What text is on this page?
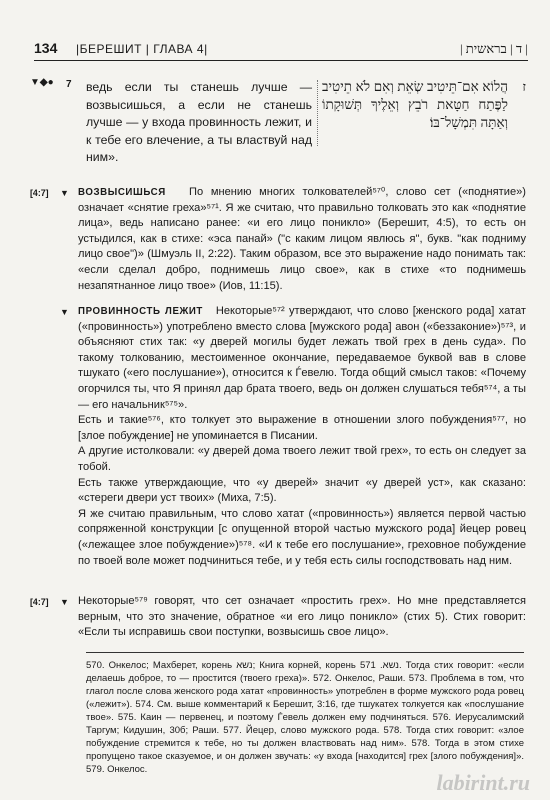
134 |БЕРЕШИТ | ГЛАВА 4|	| ד | בראשית |
▼◆● 7 ведь если ты станешь лучше — возвысишься, а если не станешь лучше — у входа провинность лежит, и к тебе его влечение, а ты властвуй над ним».
הֲלוֹא אִם־תֵּיטִיב שְׂאֵת וְאִם לֹא תֵיטִיב לַפֶּתַח חַטָּאת רֹבֵץ וְאֵלֶיךָ תְּשׁוּקָתוֹ וְאַתָּה תִּמְשָׁל־בּוֹ׃
ז
[4:7] ▼ ВОЗВЫСИШЬСЯ По мнению многих толкователей⁵⁷⁰, слово сет («поднятие») означает «снятие греха»⁵⁷¹. Я же считаю, что правильно толковать это как «поднятие лица», ведь написано ранее: «и его лицо поникло» (Берешит, 4:5), то есть он устыдился, как в стихе: «эса панай» ("с каким лицом явлюсь я", букв. "как подниму лицо свое")» (Шмуэль II, 2:22). Таким образом, все это выражение надо понимать так: «если сделал добро, поднимешь лицо свое», как в стихе «то поднимешь незапятнанное лицо твое» (Иов, 11:15).
▼ ПРОВИННОСТЬ ЛЕЖИТ Некоторые⁵⁷² утверждают, что слово [женского рода] хатат («провинность») употреблено вместо слова [мужского рода] авон («беззаконие»)⁵⁷³, и объясняют стих так: «у дверей могилы будет лежать твой грех в день суда». По такому толкованию, местоименное окончание, передаваемое буквой вав в слове тшукато («его послушание»), относится к Ѓевелю. Тогда общий смысл таков: «Почему огорчился ты, что Я принял дар брата твоего, ведь он должен слушаться тебя⁵⁷⁴, а ты — его начальник⁵⁷⁵».
Есть и такие⁵⁷⁶, кто толкует это выражение в отношении злого побуждения⁵⁷⁷, но [злое побуждение] не упоминается в Писании.
А другие истолковали: «у дверей дома твоего лежит твой грех», то есть он следует за тобой.
Есть также утверждающие, что «у дверей» значит «у дверей уст», как сказано: «стереги двери уст твоих» (Миха, 7:5).
Я же считаю правильным, что слово хатат («провинность») является первой частью сопряженной конструкции [с опущенной второй частью мужского рода] йецер ровец («лежащее злое побуждение»)⁵⁷⁸. «И к тебе его послушание», греховное побуждение по твоей воле может подчиниться тебе, и у тебя есть силы господствовать над ним.
[4:7] ▼ Некоторые⁵⁷⁹ говорят, что сет означает «простить грех». Но мне представляется верным, что это значение, обратное «и его лицо поникло» (стих 5). Стих говорит: «Если ты исправишь свои поступки, возвысишь свое лицо».
570. Онкелос; Махберет, корень נשא; Книга корней, корень נשא. 571. Тогда стих говорит: «если делаешь доброе, то — простится (твоего греха)». 572. Онкелос, Раши. 573. Проблема в том, что глагол после слова женского рода хатат «провинность» употреблен в форме мужского рода ровец («лежит»). 574. См. выше комментарий к Берешит, 3:16, где тшукатех толкуется как «послушание твое». 575. Каин — первенец, и поэтому Ѓевель должен ему подчиняться. 576. Иерусалимский Таргум; Кидушин, 30б; Раши. 577. Йецер, слово мужского рода. 578. Тогда стих говорит: «злое побуждение стремится к тебе, но ты должен властвовать над ним». 578. Тогда в этом стихе пропущено такое сказуемое, и он должен звучать: «у входа [находится] грех [злого побуждения]». 579. Онкелос.
labirint.ru
